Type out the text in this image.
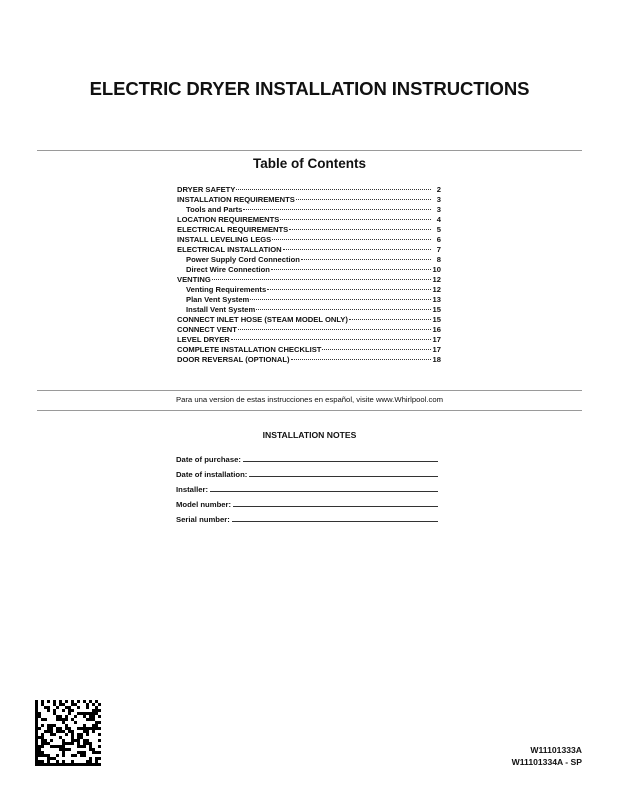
ELECTRIC DRYER INSTALLATION INSTRUCTIONS
Table of Contents
DRYER SAFETY	2
INSTALLATION REQUIREMENTS	3
Tools and Parts	3
LOCATION REQUIREMENTS	4
ELECTRICAL REQUIREMENTS	5
INSTALL LEVELING LEGS	6
ELECTRICAL INSTALLATION	7
Power Supply Cord Connection	8
Direct Wire Connection	10
VENTING	12
Venting Requirements	12
Plan Vent System	13
Install Vent System	15
CONNECT INLET HOSE (STEAM MODEL ONLY)	15
CONNECT VENT	16
LEVEL DRYER	17
COMPLETE INSTALLATION CHECKLIST	17
DOOR REVERSAL (OPTIONAL)	18
Para una version de estas instrucciones en español, visite www.Whirlpool.com
INSTALLATION NOTES
Date of purchase:
Date of installation:
Installer:
Model number:
Serial number:
W11101333A
W11101334A - SP
